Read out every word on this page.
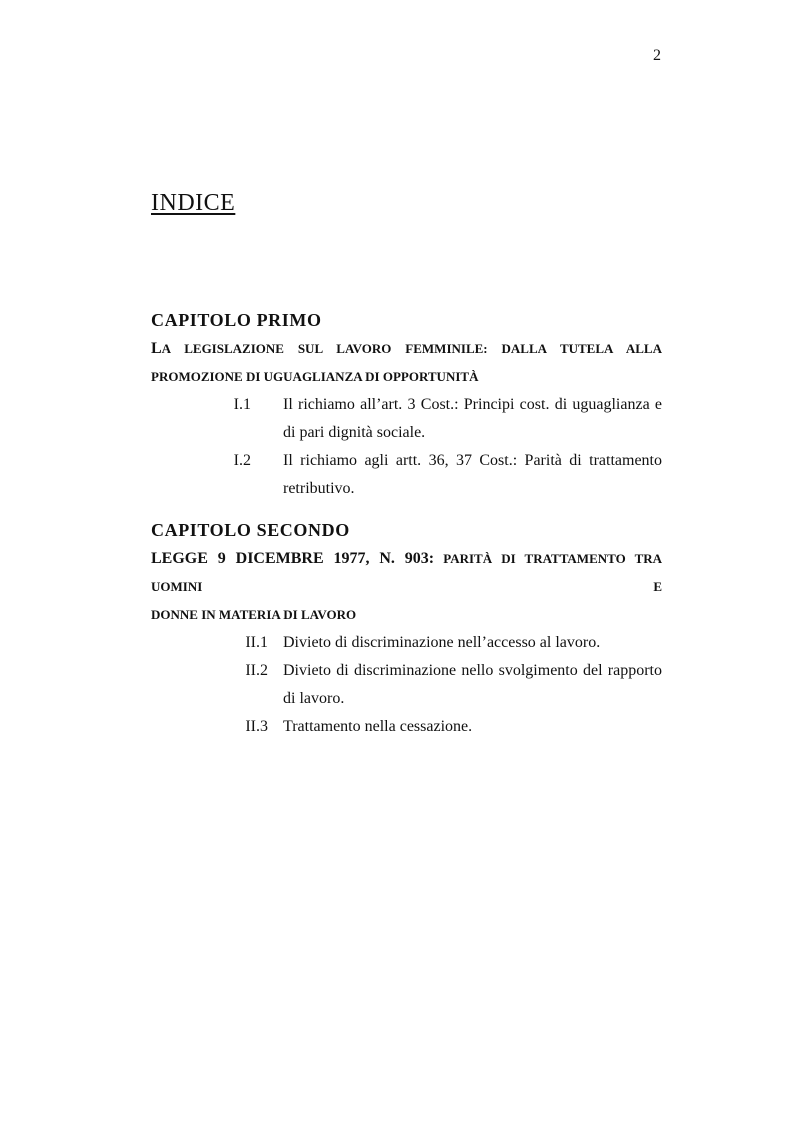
2
INDICE
CAPITOLO PRIMO
LA LEGISLAZIONE SUL LAVORO FEMMINILE: DALLA TUTELA ALLA
PROMOZIONE DI UGUAGLIANZA DI OPPORTUNITÀ
I.1 Il richiamo all’art. 3 Cost.: Principi cost. di uguaglianza e di pari dignità sociale.
I.2 Il richiamo agli artt. 36, 37 Cost.: Parità di trattamento retributivo.
CAPITOLO SECONDO
LEGGE 9 DICEMBRE 1977, N. 903: PARITÀ DI TRATTAMENTO TRA UOMINI E
DONNE IN MATERIA DI LAVORO
II.1 Divieto di discriminazione nell’accesso al lavoro.
II.2 Divieto di discriminazione nello svolgimento del rapporto di lavoro.
II.3 Trattamento nella cessazione.
